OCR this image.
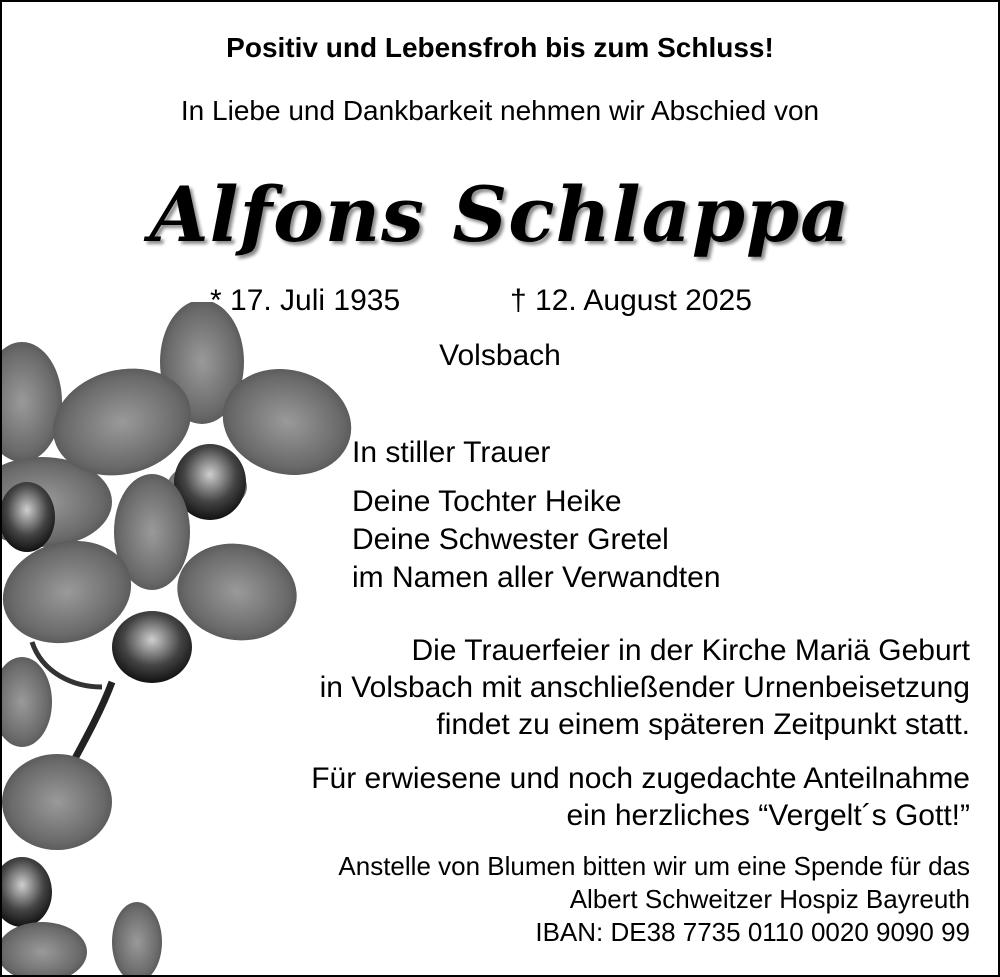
Positiv und Lebensfroh bis zum Schluss!
In Liebe und Dankbarkeit nehmen wir Abschied von
Alfons Schlappa
* 17. Juli 1935	† 12. August 2025
Volsbach
In stiller Trauer
Deine Tochter Heike
Deine Schwester Gretel
im Namen aller Verwandten
Die Trauerfeier in der Kirche Mariä Geburt
in Volsbach mit anschließender Urnenbeisetzung
findet zu einem späteren Zeitpunkt statt.
Für erwiesene und noch zugedachte Anteilnahme
ein herzliches “Vergelt´s Gott!”
Anstelle von Blumen bitten wir um eine Spende für das
Albert Schweitzer Hospiz Bayreuth
IBAN: DE38 7735 0110 0020 9090 99
